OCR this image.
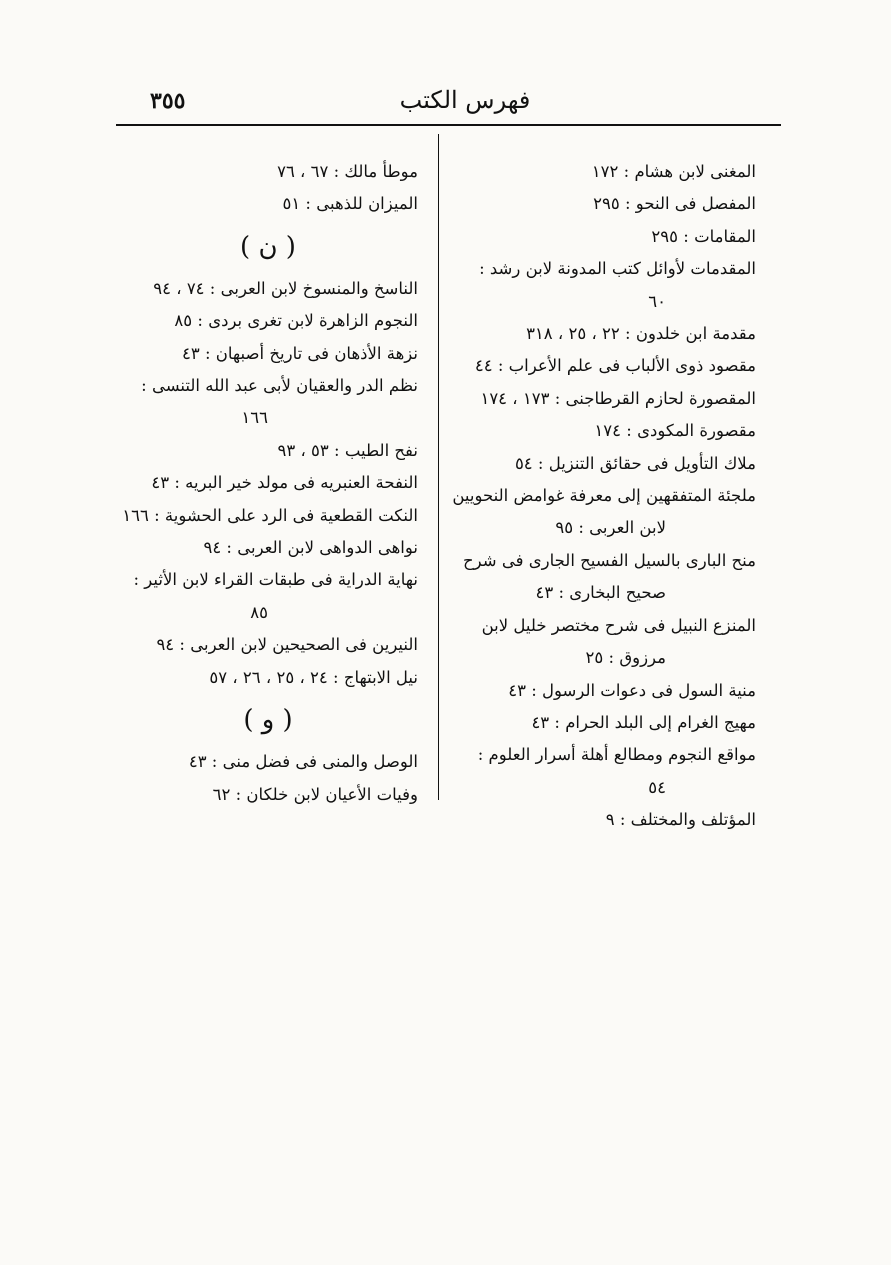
٣٥٥	فهرس الكتب
المغنى لابن هشام : ١٧٢
المفصل فى النحو : ٢٩٥
المقامات : ٢٩٥
المقدمات لأوائل كتب المدونة لابن رشد :
٦٠
مقدمة ابن خلدون : ٢٢ ، ٢٥ ، ٣١٨
مقصود ذوى الألباب فى علم الأعراب : ٤٤
المقصورة لحازم القرطاجنى : ١٧٣ ، ١٧٤
مقصورة المكودى : ١٧٤
ملاك التأويل فى حقائق التنزيل : ٥٤
ملجئة المتفقهين إلى معرفة غوامض النحويين
لابن العربى : ٩٥
منح البارى بالسيل الفسيح الجارى فى شرح
صحيح البخارى : ٤٣
المنزع النبيل فى شرح مختصر خليل لابن
مرزوق : ٢٥
منية السول فى دعوات الرسول : ٤٣
مهيج الغرام إلى البلد الحرام : ٤٣
مواقع النجوم ومطالع أهلة أسرار العلوم :
٥٤
المؤتلف والمختلف : ٩
موطأ مالك : ٦٧ ، ٧٦
الميزان للذهبى : ٥١
( ن )
الناسخ والمنسوخ لابن العربى : ٧٤ ، ٩٤
النجوم الزاهرة لابن تغرى بردى : ٨٥
نزهة الأذهان فى تاريخ أصبهان : ٤٣
نظم الدر والعقيان لأبى عبد الله التنسى :
١٦٦
نفح الطيب : ٥٣ ، ٩٣
النفحة العنبريه فى مولد خير البريه : ٤٣
النكت القطعية فى الرد على الحشوية : ١٦٦
نواهى الدواهى لابن العربى : ٩٤
نهاية الدراية فى طبقات القراء لابن الأثير :
٨٥
النيرين فى الصحيحين لابن العربى : ٩٤
نيل الابتهاج : ٢٤ ، ٢٥ ، ٢٦ ، ٥٧
( و )
الوصل والمنى فى فضل منى : ٤٣
وفيات الأعيان لابن خلكان : ٦٢
